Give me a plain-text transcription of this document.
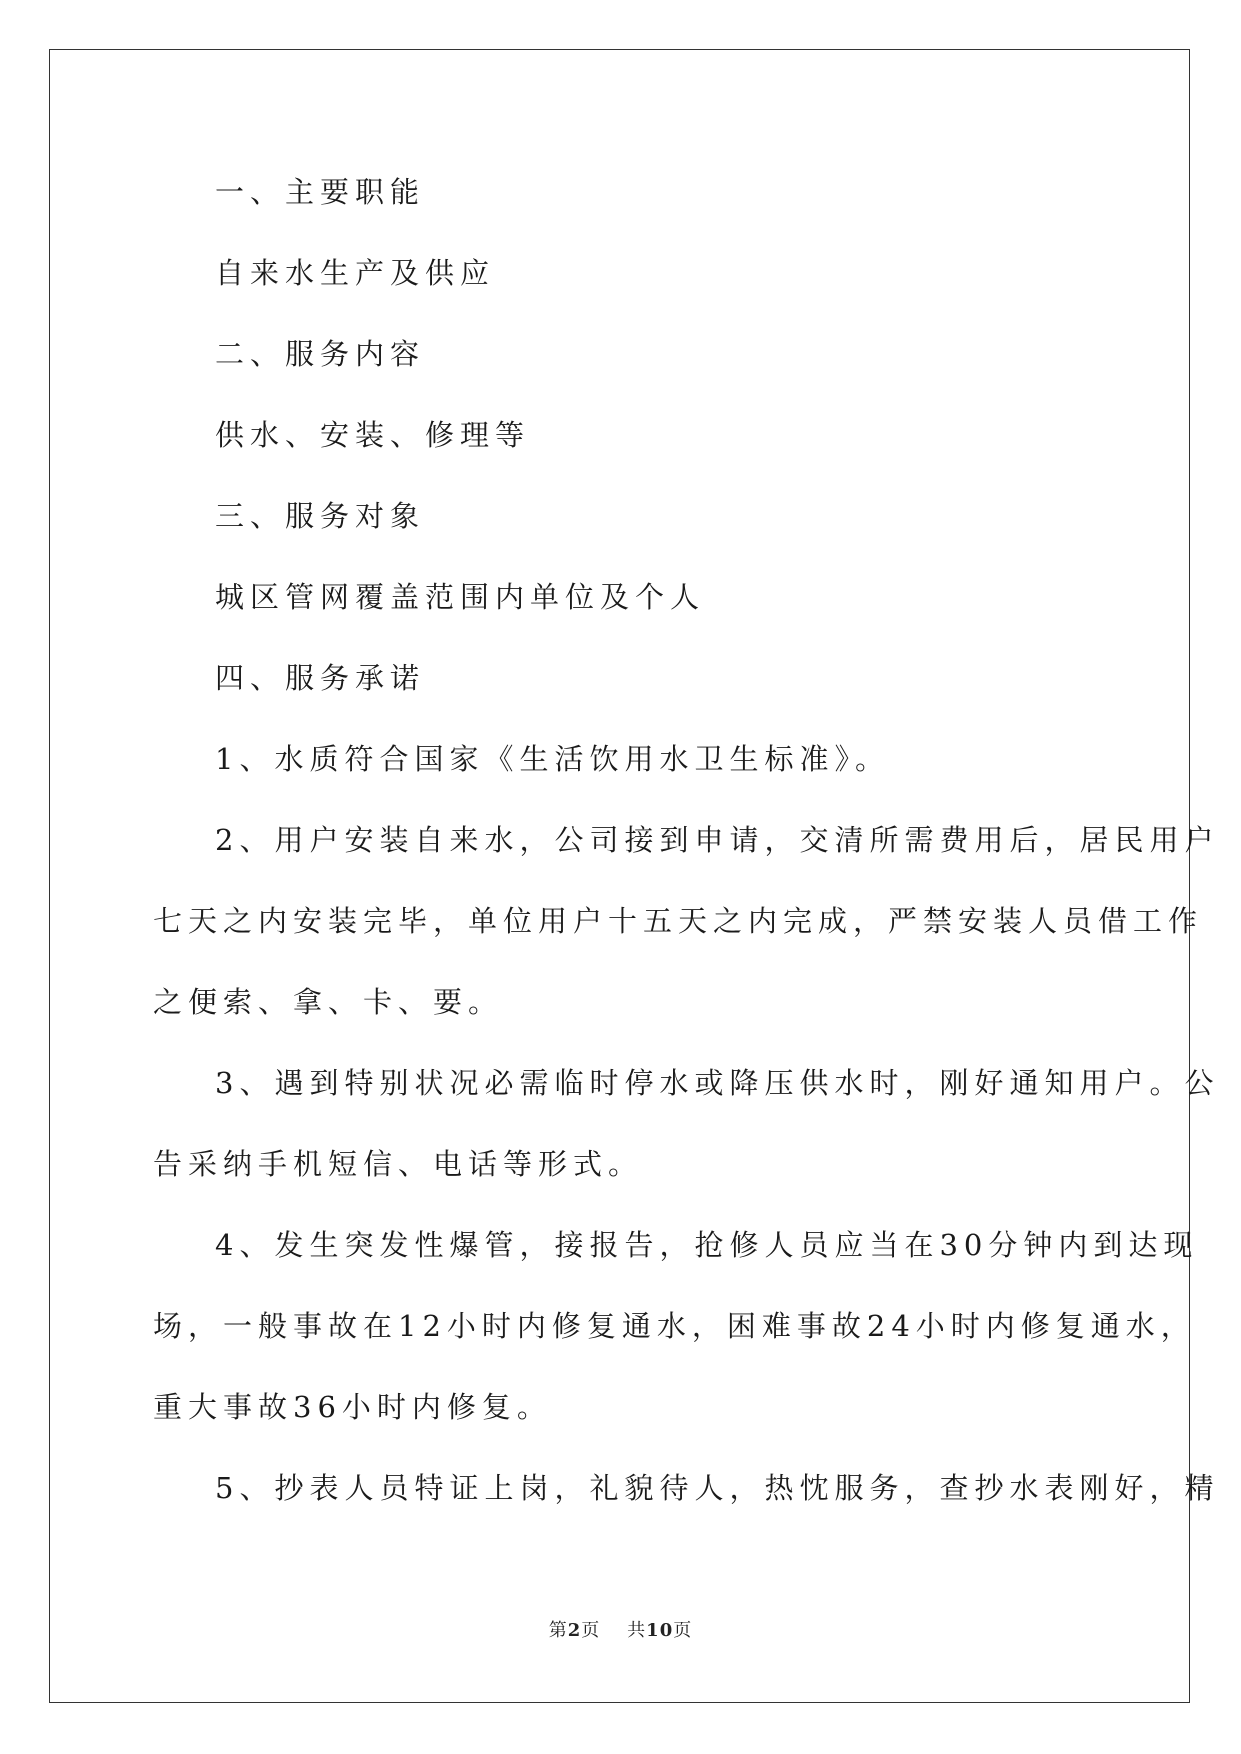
一、主要职能
自来水生产及供应
二、服务内容
供水、安装、修理等
三、服务对象
城区管网覆盖范围内单位及个人
四、服务承诺
1、水质符合国家《生活饮用水卫生标准》。
2、用户安装自来水，公司接到申请，交清所需费用后，居民用户
七天之内安装完毕，单位用户十五天之内完成，严禁安装人员借工作
之便索、拿、卡、要。
3、遇到特别状况必需临时停水或降压供水时，刚好通知用户。公
告采纳手机短信、电话等形式。
4、发生突发性爆管，接报告，抢修人员应当在30分钟内到达现
场，一般事故在12小时内修复通水，困难事故24小时内修复通水，
重大事故36小时内修复。
5、抄表人员特证上岗，礼貌待人，热忱服务，查抄水表刚好，精
第2页 共10页
